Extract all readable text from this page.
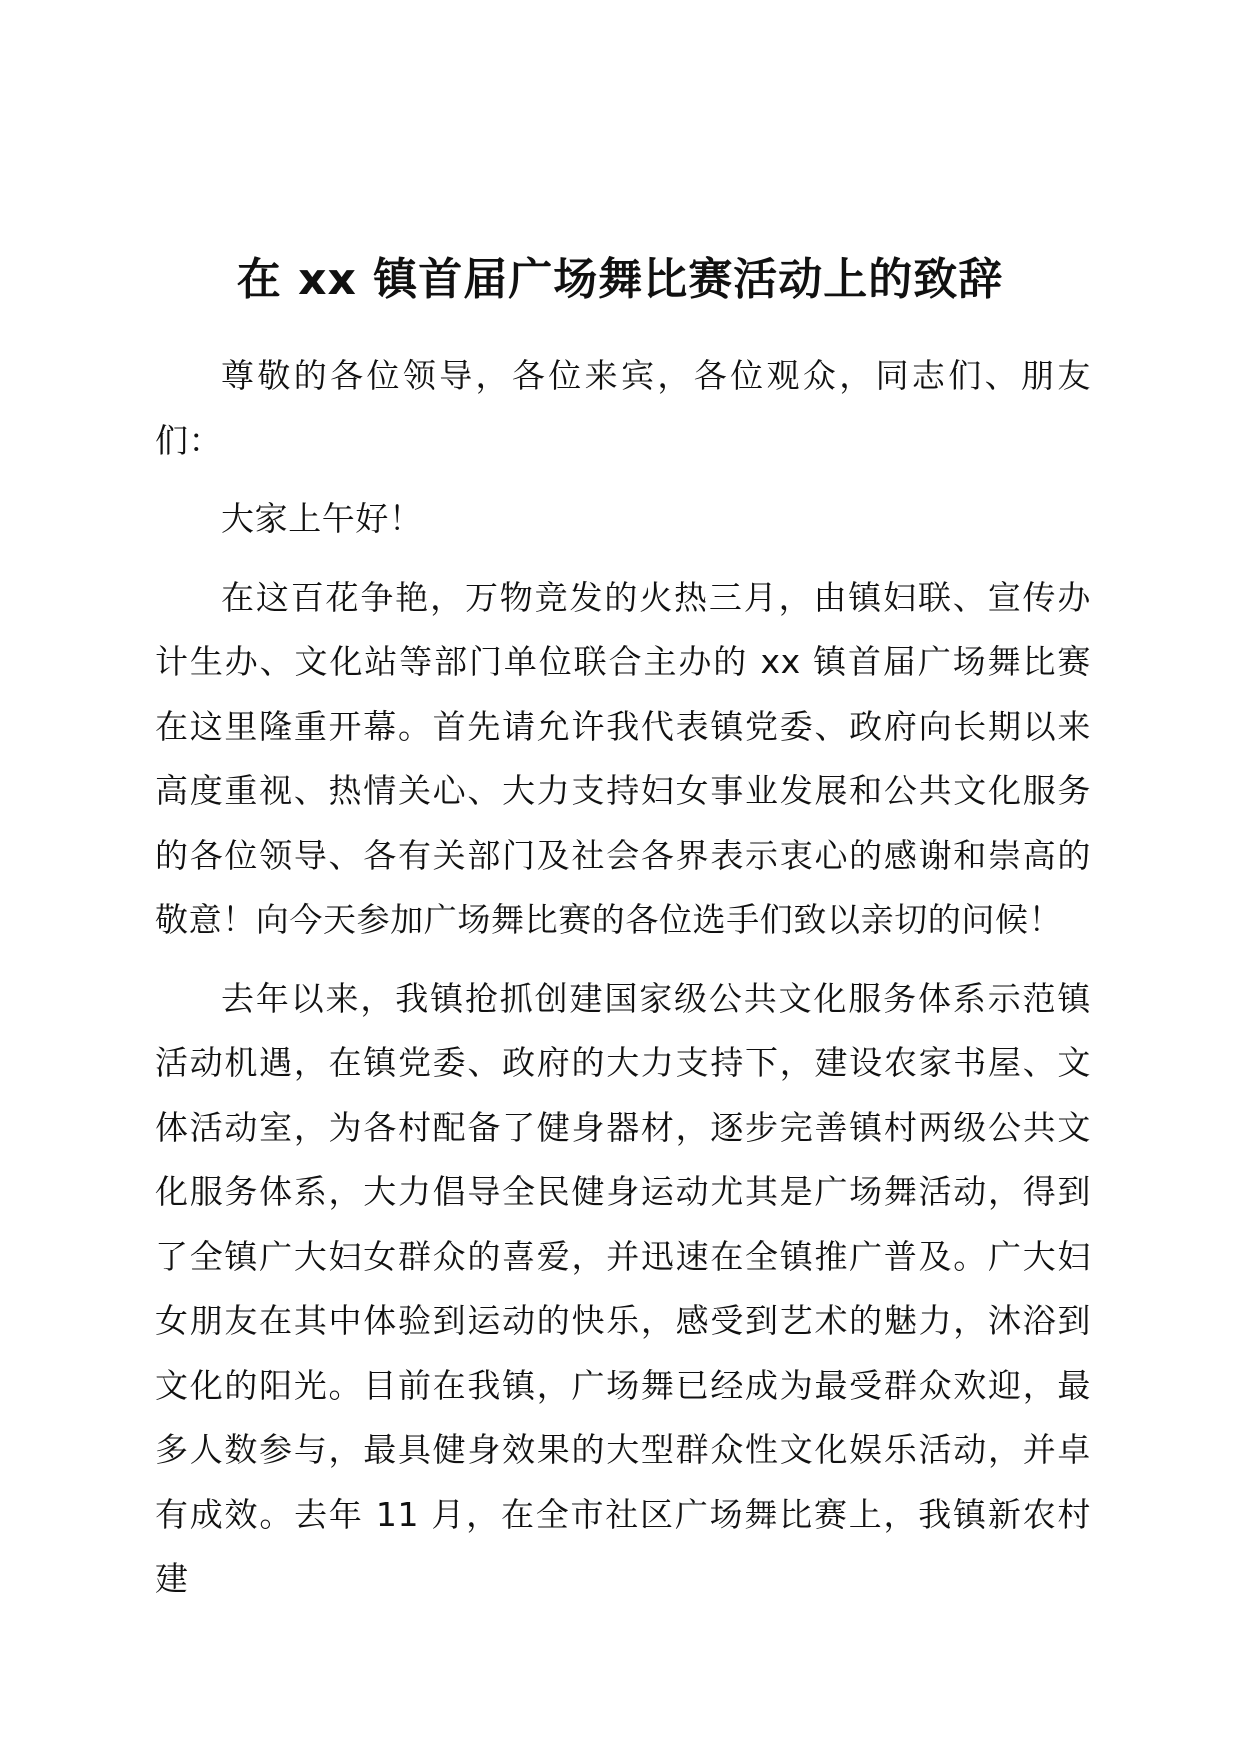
在 xx 镇首届广场舞比赛活动上的致辞

尊敬的各位领导，各位来宾，各位观众，同志们、朋友们：

大家上午好！

在这百花争艳，万物竞发的火热三月，由镇妇联、宣传办计生办、文化站等部门单位联合主办的 xx 镇首届广场舞比赛在这里隆重开幕。首先请允许我代表镇党委、政府向长期以来高度重视、热情关心、大力支持妇女事业发展和公共文化服务的各位领导、各有关部门及社会各界表示衷心的感谢和崇高的敬意！向今天参加广场舞比赛的各位选手们致以亲切的问候！

去年以来，我镇抢抓创建国家级公共文化服务体系示范镇活动机遇，在镇党委、政府的大力支持下，建设农家书屋、文体活动室，为各村配备了健身器材，逐步完善镇村两级公共文化服务体系，大力倡导全民健身运动尤其是广场舞活动，得到了全镇广大妇女群众的喜爱，并迅速在全镇推广普及。广大妇女朋友在其中体验到运动的快乐，感受到艺术的魅力，沐浴到文化的阳光。目前在我镇，广场舞已经成为最受群众欢迎，最多人数参与，最具健身效果的大型群众性文化娱乐活动，并卓有成效。去年 11 月，在全市社区广场舞比赛上，我镇新农村建
